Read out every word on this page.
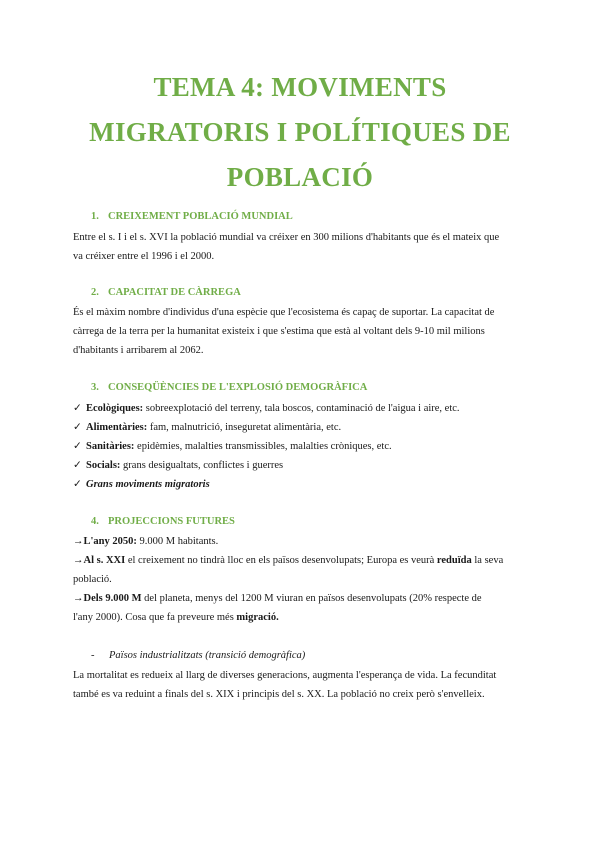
TEMA 4: MOVIMENTS
MIGRATORIS I POLÍTIQUES DE
POBLACIÓ
1. CREIXEMENT POBLACIÓ MUNDIAL

Entre el s. I i el s. XVI la població mundial va créixer en 300 milions d'habitants que és el mateix que

va créixer entre el 1996 i el 2000.

2. CAPACITAT DE CÀRREGA

És el màxim nombre d'individus d'una espècie que l'ecosistema és capaç de suportar. La capacitat de

càrrega de la terra per la humanitat existeix i que s'estima que està al voltant dels 9-10 mil milions

d'habitants i arribarem al 2062.

3. CONSEQÜÈNCIES DE L'EXPLOSIÓ DEMOGRÀFICA

✓ Ecològiques: sobreexplotació del terreny, tala boscos, contaminació de l'aigua i aire, etc.

✓ Alimentàries: fam, malnutrició, inseguretat alimentària, etc.

✓ Sanitàries: epidèmies, malalties transmissibles, malalties cròniques, etc.

✓ Socials: grans desigualtats, conflictes i guerres

✓ Grans moviments migratoris

4. PROJECCIONS FUTURES

→L'any 2050: 9.000 M habitants.

→Al s. XXI el creixement no tindrà lloc en els països desenvolupats; Europa es veurà reduïda la seva

població.

→Dels 9.000 M del planeta, menys del 1200 M viuran en països desenvolupats (20% respecte de

l'any 2000). Cosa que fa preveure més migració.

- Països industrialitzats (transició demogràfica)

La mortalitat es redueix al llarg de diverses generacions, augmenta l'esperança de vida. La fecunditat

també es va reduint a finals del s. XIX i principis del s. XX. La població no creix però s'envelleix.
